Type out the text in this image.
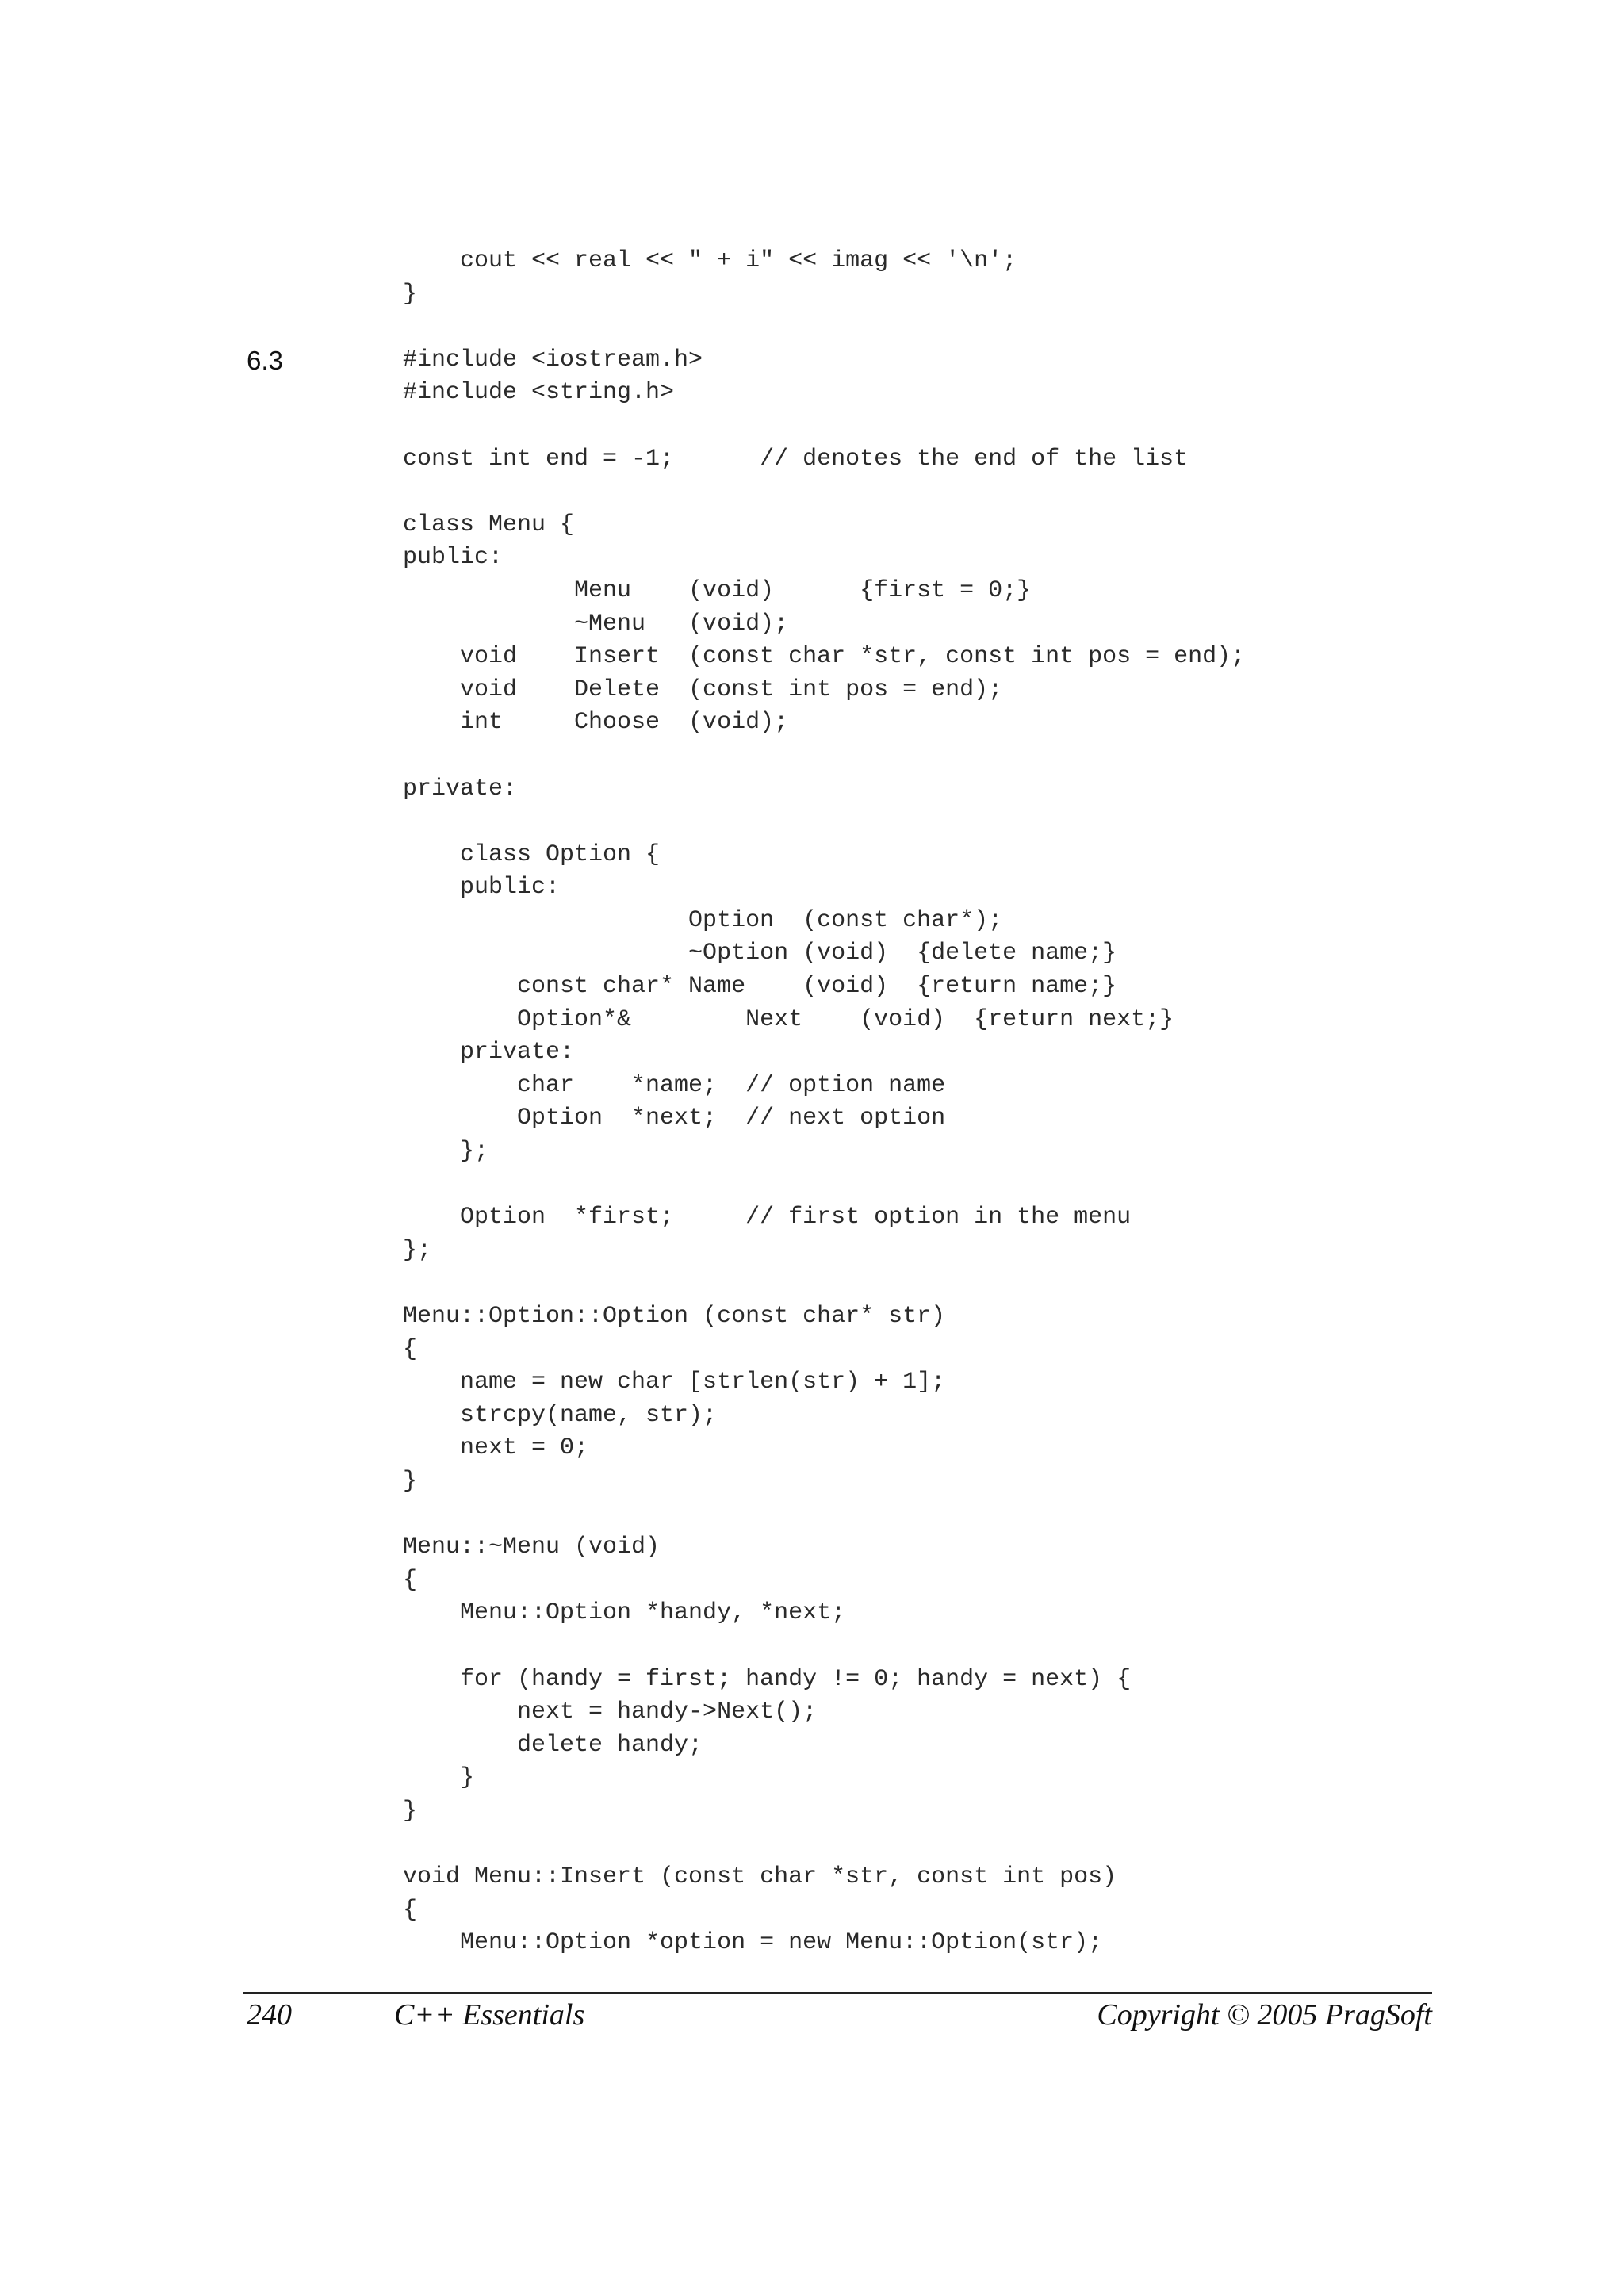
6.3
cout << real << " + i" << imag << '\n';
}

#include <iostream.h>
#include <string.h>

const int end = -1;      // denotes the end of the list

class Menu {
public:
Menu    (void)      {first = 0;}
~Menu   (void);
void    Insert  (const char *str, const int pos = end);
void    Delete  (const int pos = end);
int     Choose  (void);

private:

class Option {
public:
Option  (const char*);
~Option (void)  {delete name;}
const char* Name    (void)  {return name;}
Option*&        Next    (void)  {return next;}
private:
char    *name;  // option name
Option  *next;  // next option
};

Option  *first;     // first option in the menu
};

Menu::Option::Option (const char* str)
{
name = new char [strlen(str) + 1];
strcpy(name, str);
next = 0;
}

Menu::~Menu (void)
{
Menu::Option *handy, *next;

for (handy = first; handy != 0; handy = next) {
next = handy->Next();
delete handy;
}
}

void Menu::Insert (const char *str, const int pos)
{
Menu::Option *option = new Menu::Option(str);
240	C++ Essentials	Copyright © 2005 PragSoft
